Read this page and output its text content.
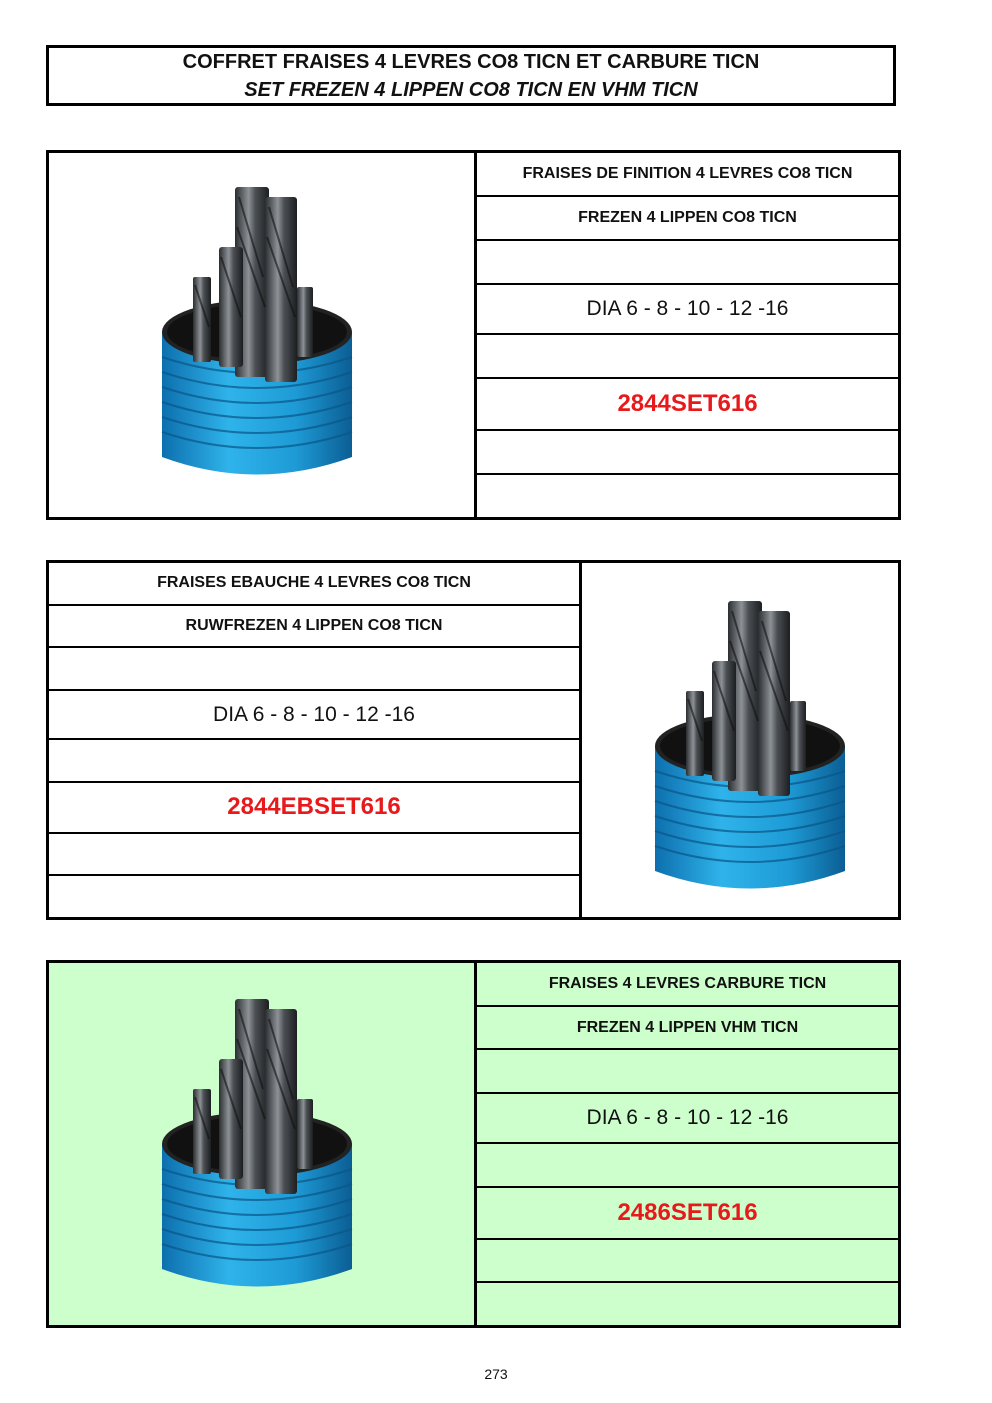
COFFRET FRAISES 4 LEVRES CO8 TICN ET CARBURE TICN
SET FREZEN 4 LIPPEN CO8 TICN EN VHM TICN
FRAISES DE FINITION 4 LEVRES CO8 TICN
FREZEN 4 LIPPEN CO8 TICN
DIA 6 - 8 - 10 - 12 -16
2844SET616
FRAISES EBAUCHE 4 LEVRES CO8 TICN
RUWFREZEN 4 LIPPEN CO8 TICN
DIA 6 - 8 - 10 - 12 -16
2844EBSET616
FRAISES 4 LEVRES CARBURE TICN
FREZEN 4 LIPPEN VHM TICN
DIA 6 - 8 - 10 - 12 -16
2486SET616
273
